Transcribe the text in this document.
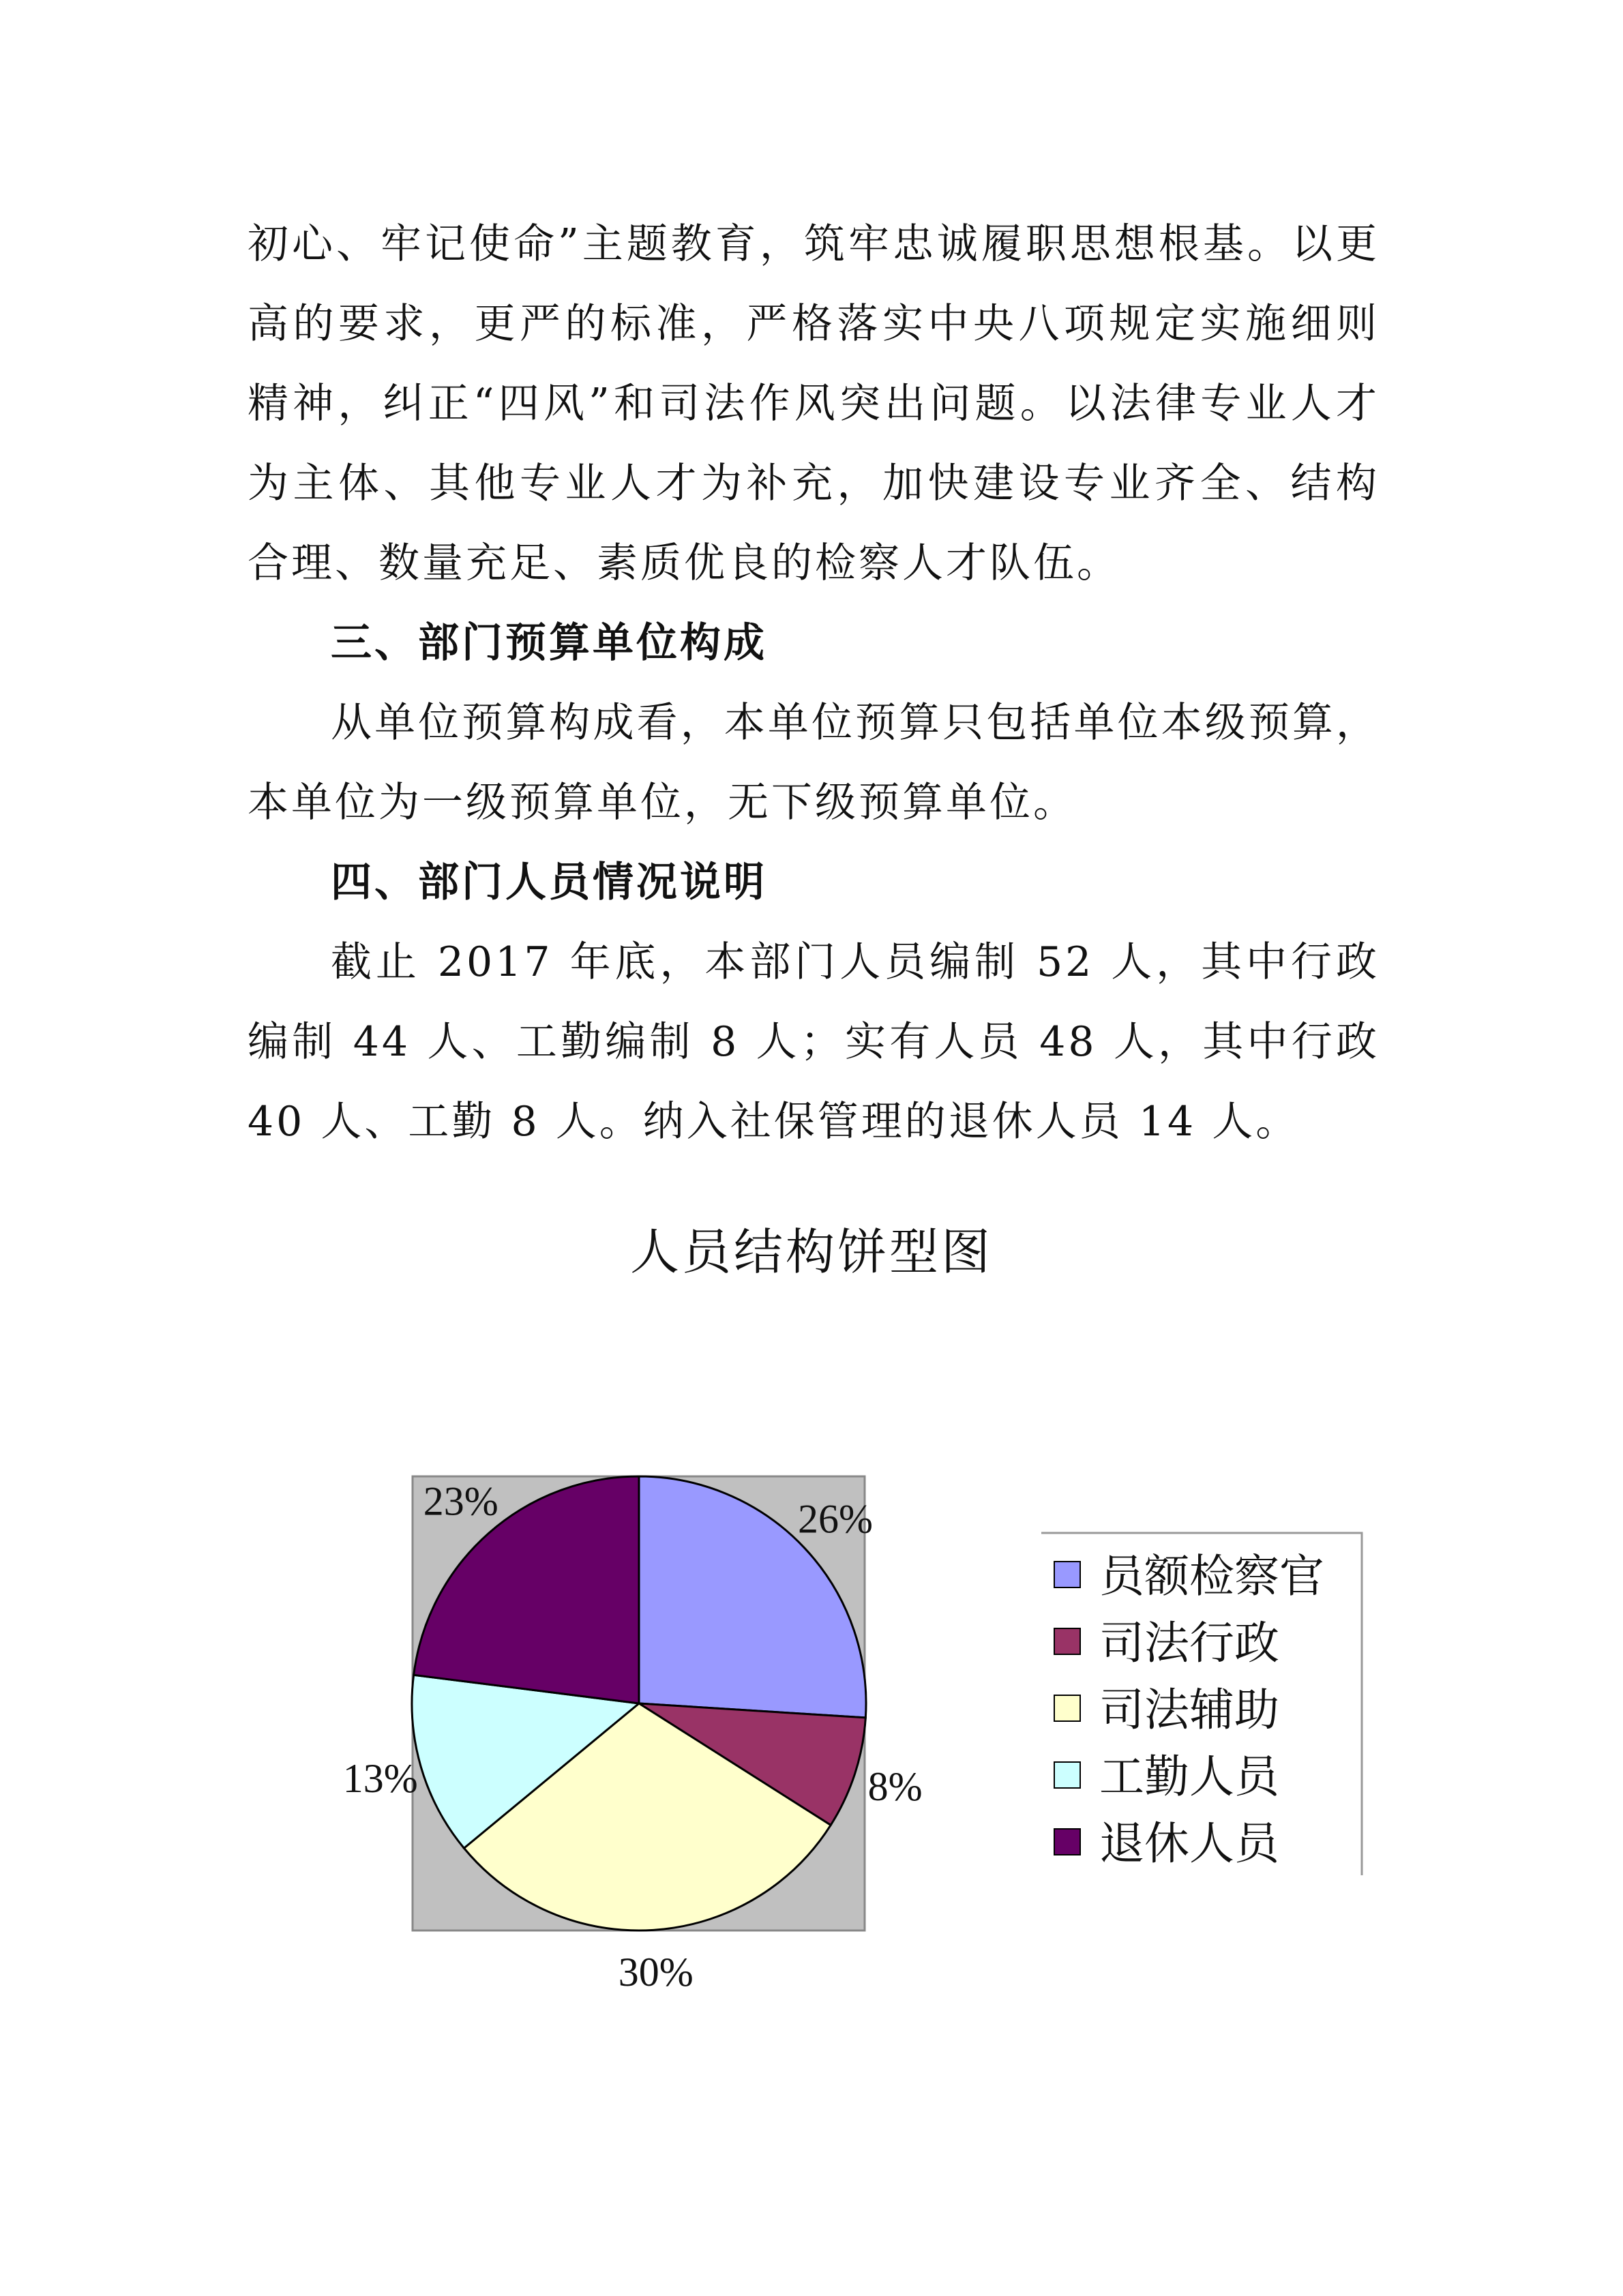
初心、牢记使命”主题教育，筑牢忠诚履职思想根基。以更高的要求，更严的标准，严格落实中央八项规定实施细则精神，纠正“四风”和司法作风突出问题。以法律专业人才为主体、其他专业人才为补充，加快建设专业齐全、结构合理、数量充足、素质优良的检察人才队伍。

三、部门预算单位构成

从单位预算构成看，本单位预算只包括单位本级预算，本单位为一级预算单位，无下级预算单位。

四、部门人员情况说明

截止 2017 年底，本部门人员编制 52 人，其中行政编制 44 人、工勤编制 8 人；实有人员 48 人，其中行政 40 人、工勤 8 人。纳入社保管理的退休人员 14 人。

人员结构饼型图

26%
8%
30%
13%
23%
员额检察官
司法行政
司法辅助
工勤人员
退休人员
